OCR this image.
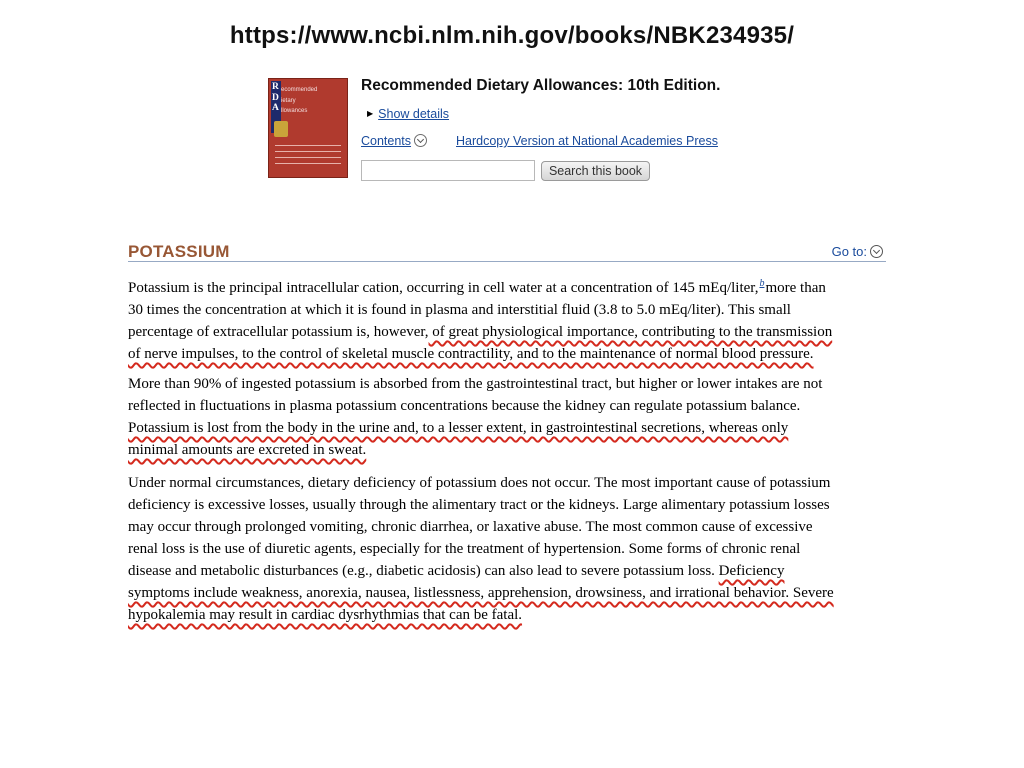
https://www.ncbi.nlm.nih.gov/books/NBK234935/
R
D
A
ecommended
ietary
llowances
Recommended Dietary Allowances: 10th Edition.
▶ Show details
Contents	Hardcopy Version at National Academies Press
Search this book
POTASSIUM	Go to:
Potassium is the principal intracellular cation, occurring in cell water at a concentration of 145 mEq/liter,$^b$more than
30 times the concentration at which it is found in plasma and interstitial fluid (3.8 to 5.0 mEq/liter). This small
percentage of extracellular potassium is, however, of great physiological importance, contributing to the transmission
of nerve impulses, to the control of skeletal muscle contractility, and to the maintenance of normal blood pressure.
More than 90% of ingested potassium is absorbed from the gastrointestinal tract, but higher or lower intakes are not
reflected in fluctuations in plasma potassium concentrations because the kidney can regulate potassium balance.
Potassium is lost from the body in the urine and, to a lesser extent, in gastrointestinal secretions, whereas only
minimal amounts are excreted in sweat.
Under normal circumstances, dietary deficiency of potassium does not occur. The most important cause of potassium
deficiency is excessive losses, usually through the alimentary tract or the kidneys. Large alimentary potassium losses
may occur through prolonged vomiting, chronic diarrhea, or laxative abuse. The most common cause of excessive
renal loss is the use of diuretic agents, especially for the treatment of hypertension. Some forms of chronic renal
disease and metabolic disturbances (e.g., diabetic acidosis) can also lead to severe potassium loss. Deficiency
symptoms include weakness, anorexia, nausea, listlessness, apprehension, drowsiness, and irrational behavior. Severe
hypokalemia may result in cardiac dysrhythmias that can be fatal.
